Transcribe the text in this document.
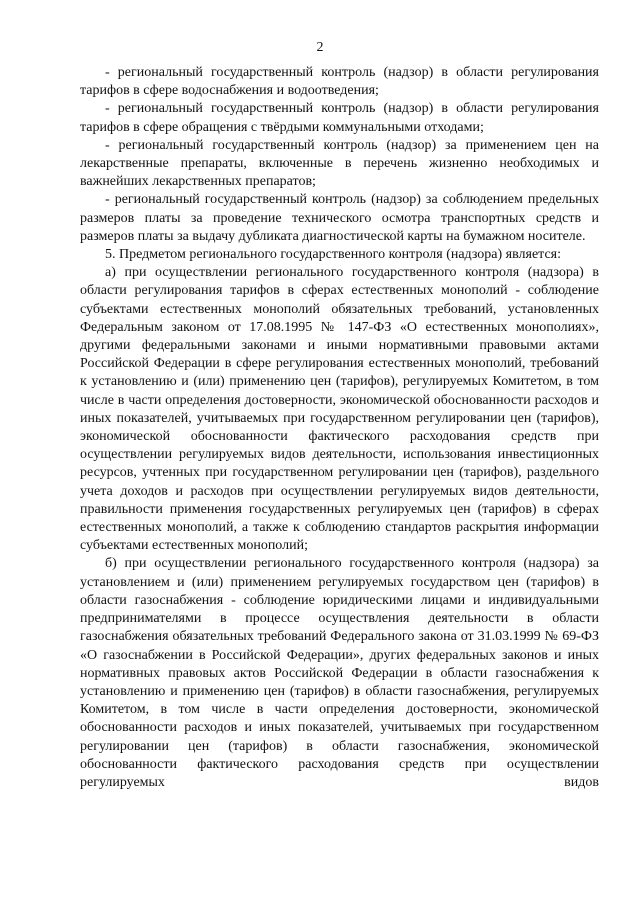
2

- региональный государственный контроль (надзор) в области регулирования тарифов в сфере водоснабжения и водоотведения;

- региональный государственный контроль (надзор) в области регулирования тарифов в сфере обращения с твёрдыми коммунальными отходами;

- региональный государственный контроль (надзор) за применением цен на лекарственные препараты, включенные в перечень жизненно необходимых и важнейших лекарственных препаратов;

- региональный государственный контроль (надзор) за соблюдением предельных размеров платы за проведение технического осмотра транспортных средств и размеров платы за выдачу дубликата диагностической карты на бумажном носителе.

5. Предметом регионального государственного контроля (надзора) является:

а) при осуществлении регионального государственного контроля (надзора) в области регулирования тарифов в сферах естественных монополий - соблюдение субъектами естественных монополий обязательных требований, установленных Федеральным законом от 17.08.1995 № 147-ФЗ «О естественных монополиях», другими федеральными законами и иными нормативными правовыми актами Российской Федерации в сфере регулирования естественных монополий, требований к установлению и (или) применению цен (тарифов), регулируемых Комитетом, в том числе в части определения достоверности, экономической обоснованности расходов и иных показателей, учитываемых при государственном регулировании цен (тарифов), экономической обоснованности фактического расходования средств при осуществлении регулируемых видов деятельности, использования инвестиционных ресурсов, учтенных при государственном регулировании цен (тарифов), раздельного учета доходов и расходов при осуществлении регулируемых видов деятельности, правильности применения государственных регулируемых цен (тарифов) в сферах естественных монополий, а также к соблюдению стандартов раскрытия информации субъектами естественных монополий;

б) при осуществлении регионального государственного контроля (надзора) за установлением и (или) применением регулируемых государством цен (тарифов) в области газоснабжения - соблюдение юридическими лицами и индивидуальными предпринимателями в процессе осуществления деятельности в области газоснабжения обязательных требований Федерального закона от 31.03.1999 № 69-ФЗ «О газоснабжении в Российской Федерации», других федеральных законов и иных нормативных правовых актов Российской Федерации в области газоснабжения к установлению и применению цен (тарифов) в области газоснабжения, регулируемых Комитетом, в том числе в части определения достоверности, экономической обоснованности расходов и иных показателей, учитываемых при государственном регулировании цен (тарифов) в области газоснабжения, экономической обоснованности фактического расходования средств при осуществлении регулируемых видов
